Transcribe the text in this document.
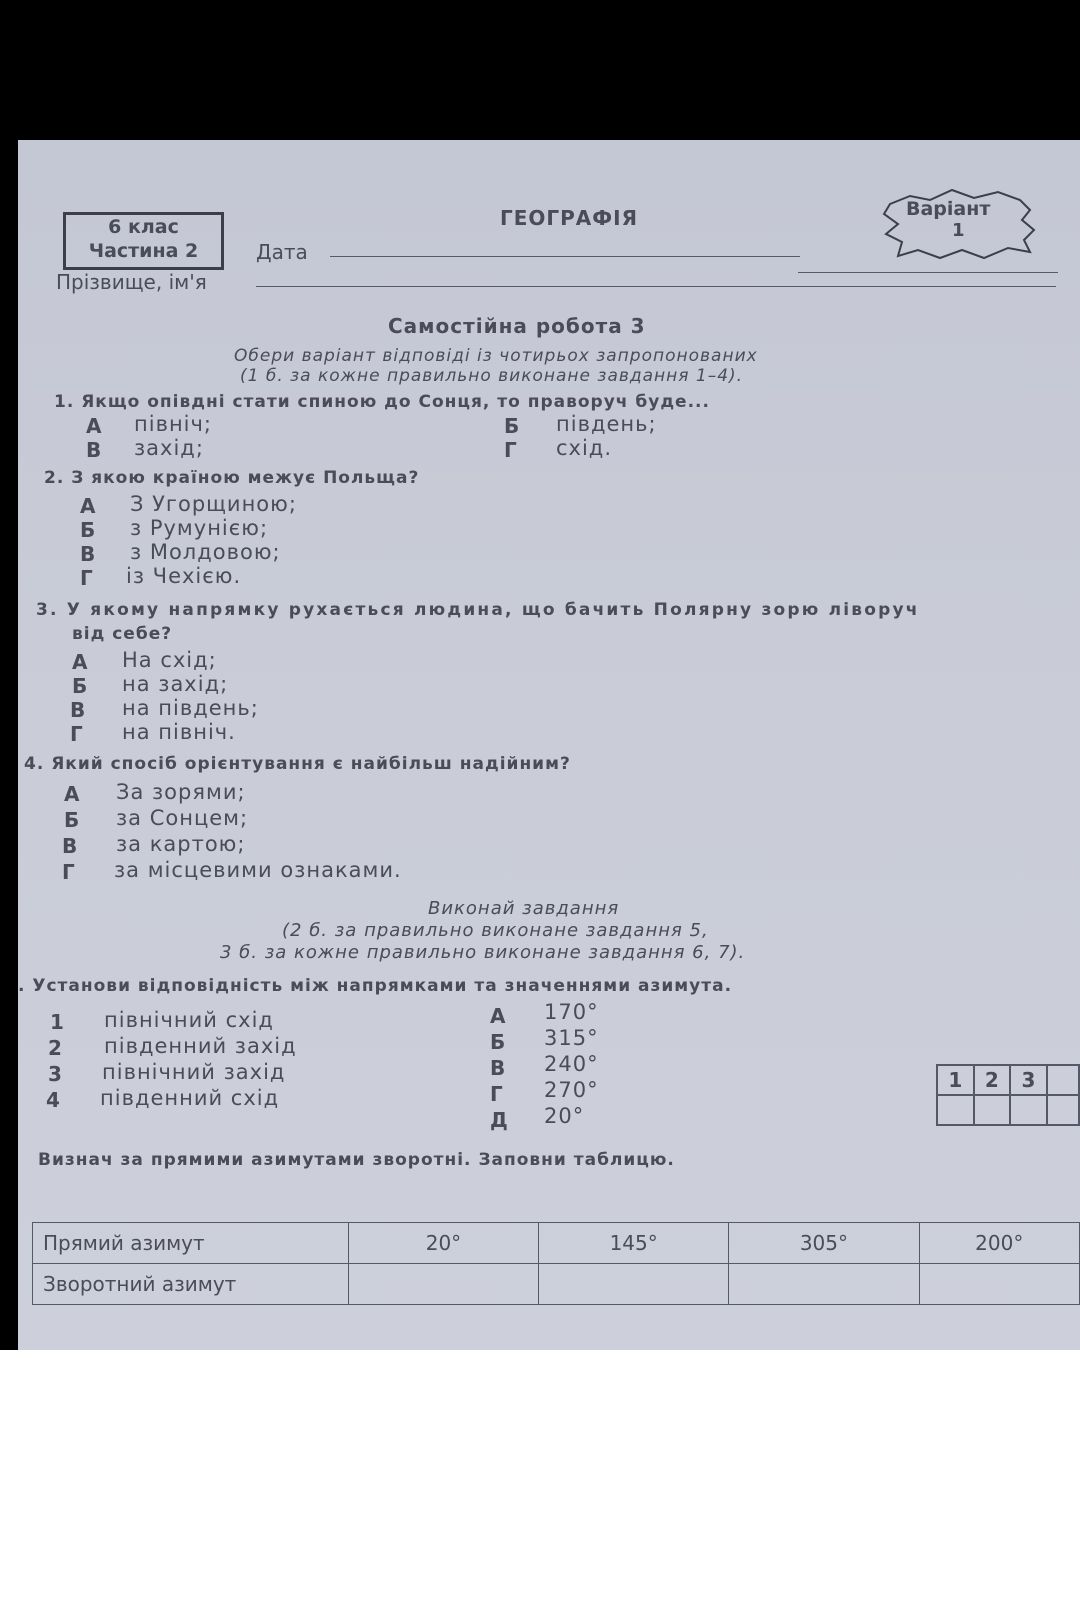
6 клас
Частина 2
ГЕОГРАФІЯ
Дата
Варіант
1
Прізвище, ім'я
Самостійна робота 3
Обери варіант відповіді із чотирьох запропонованих
(1 б. за кожне правильно виконане завдання 1–4).
1. Якщо опівдні стати спиною до Сонця, то праворуч буде...
А північ;	Б південь;
В захід;	Г схід.
2. З якою країною межує Польща?
А З Угорщиною;
Б з Румунією;
В з Молдовою;
Г із Чехією.
3. У якому напрямку рухається людина, що бачить Полярну зорю ліворуч
від себе?
А На схід;
Б на захід;
В на південь;
Г на північ.
4. Який спосіб орієнтування є найбільш надійним?
А За зорями;
Б за Сонцем;
В за картою;
Г за місцевими ознаками.
Виконай завдання
(2 б. за правильно виконане завдання 5,
3 б. за кожне правильно виконане завдання 6, 7).
. Установи відповідність між напрямками та значеннями азимута.
1 північний схід
2 південний захід
3 північний захід
4 південний схід
А 170°
Б 315°
В 240°
Г 270°
Д 20°
1	2	3	

Визнач за прямими азимутами зворотні. Заповни таблицю.
Прямий азимут	20°	145°	305°	200°
Зворотний азимут				
